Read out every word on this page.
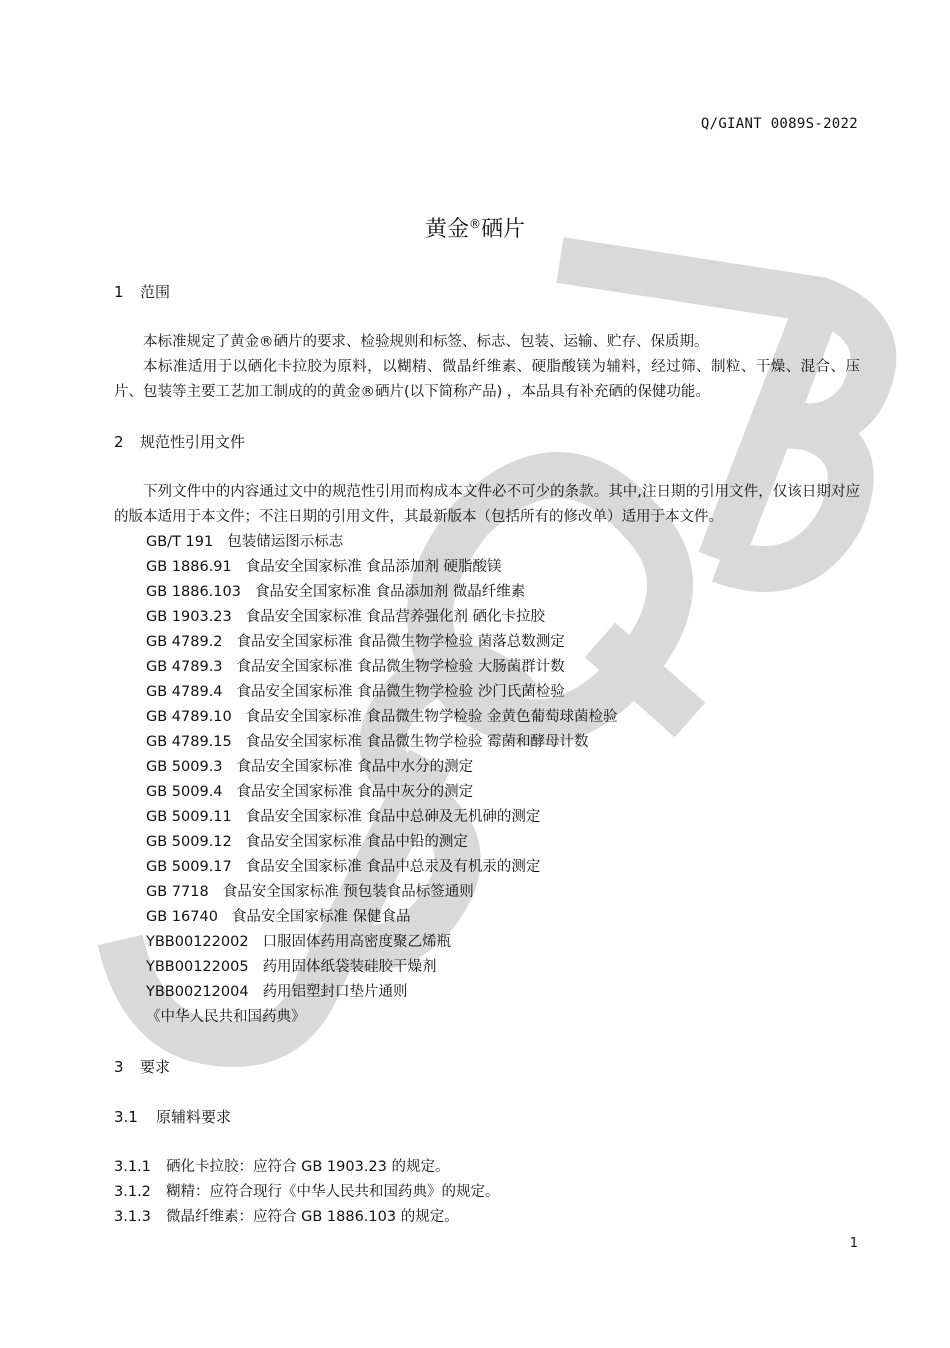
Q/GIANT 0089S-2022
黄金®硒片
1 范围

本标准规定了黄金®硒片的要求、检验规则和标签、标志、包装、运输、贮存、保质期。

本标准适用于以硒化卡拉胶为原料，以糊精、微晶纤维素、硬脂酸镁为辅料，经过筛、制粒、干燥、混合、压片、包装等主要工艺加工制成的的黄金®硒片(以下简称产品) ，本品具有补充硒的保健功能。

2 规范性引用文件

下列文件中的内容通过文中的规范性引用而构成本文件必不可少的条款。其中,注日期的引用文件，仅该日期对应的版本适用于本文件；不注日期的引用文件，其最新版本（包括所有的修改单）适用于本文件。

GB/T 191 包装储运图示标志
GB 1886.91 食品安全国家标准 食品添加剂 硬脂酸镁
GB 1886.103 食品安全国家标准 食品添加剂 微晶纤维素
GB 1903.23 食品安全国家标准 食品营养强化剂 硒化卡拉胶
GB 4789.2 食品安全国家标准 食品微生物学检验 菌落总数测定
GB 4789.3 食品安全国家标准 食品微生物学检验 大肠菌群计数
GB 4789.4 食品安全国家标准 食品微生物学检验 沙门氏菌检验
GB 4789.10 食品安全国家标准 食品微生物学检验 金黄色葡萄球菌检验
GB 4789.15 食品安全国家标准 食品微生物学检验 霉菌和酵母计数
GB 5009.3 食品安全国家标准 食品中水分的测定
GB 5009.4 食品安全国家标准 食品中灰分的测定
GB 5009.11 食品安全国家标准 食品中总砷及无机砷的测定
GB 5009.12 食品安全国家标准 食品中铅的测定
GB 5009.17 食品安全国家标准 食品中总汞及有机汞的测定
GB 7718 食品安全国家标准 预包装食品标签通则
GB 16740 食品安全国家标准 保健食品
YBB00122002 口服固体药用高密度聚乙烯瓶
YBB00122005 药用固体纸袋装硅胶干燥剂
YBB00212004 药用铝塑封口垫片通则
《中华人民共和国药典》
3 要求
3.1 原辅料要求
3.1.1 硒化卡拉胶：应符合 GB 1903.23 的规定。
3.1.2 糊精：应符合现行《中华人民共和国药典》的规定。
3.1.3 微晶纤维素：应符合 GB 1886.103 的规定。
1
